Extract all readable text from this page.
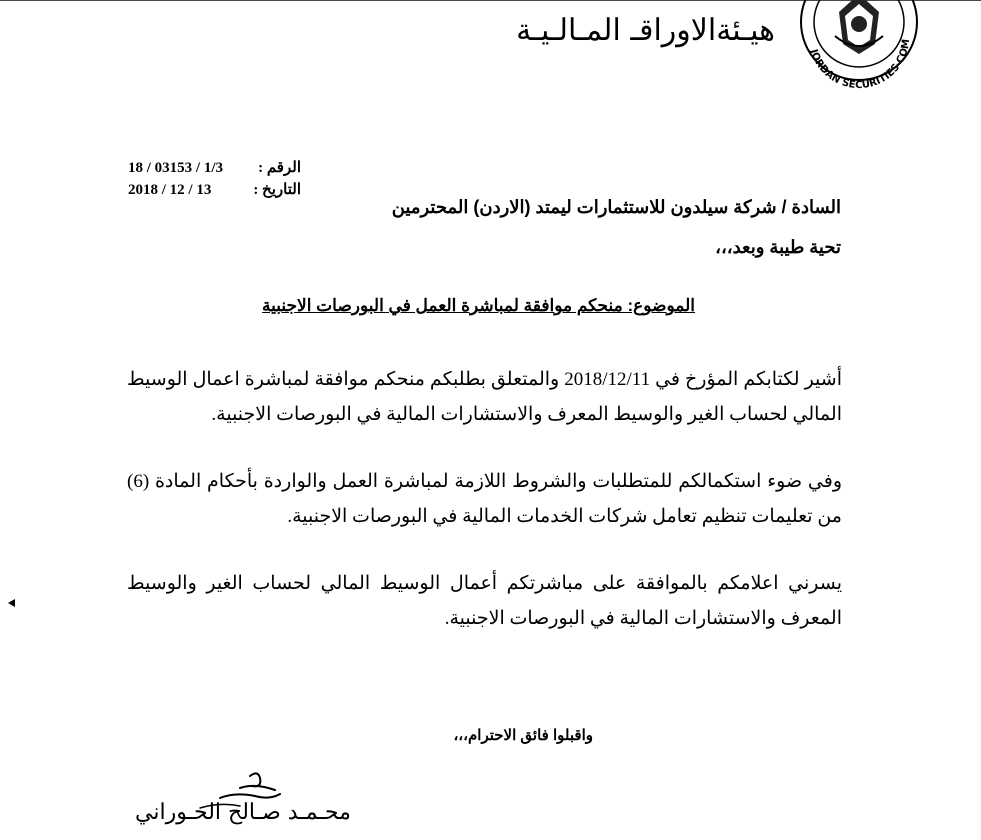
JORDAN SECURITIES COM
هيـئةالاوراقـ المـالـيـة
الرقم :
التاريخ :
18 / 03153 / 1/3
2018 / 12 / 13
السادة / شركة سيلدون للاستثمارات ليمتد (الاردن) المحترمين
تحية طيبة وبعد،،،
الموضوع: منحكم موافقة لمباشرة العمل في البورصات الاجنبية
أشير لكتابكم المؤرخ في 2018/12/11 والمتعلق بطلبكم منحكم موافقة لمباشرة اعمال الوسيط المالي لحساب الغير والوسيط المعرف والاستشارات المالية في البورصات الاجنبية.
وفي ضوء استكمالكم للمتطلبات والشروط اللازمة لمباشرة العمل والواردة بأحكام المادة (6) من تعليمات تنظيم تعامل شركات الخدمات المالية في البورصات الاجنبية.
يسرني اعلامكم بالموافقة على مباشرتكم أعمال الوسيط المالي لحساب الغير والوسيط المعرف والاستشارات المالية في البورصات الاجنبية.
واقبلوا فائق الاحترام،،،
محـمـد صـالح الحـوراني
